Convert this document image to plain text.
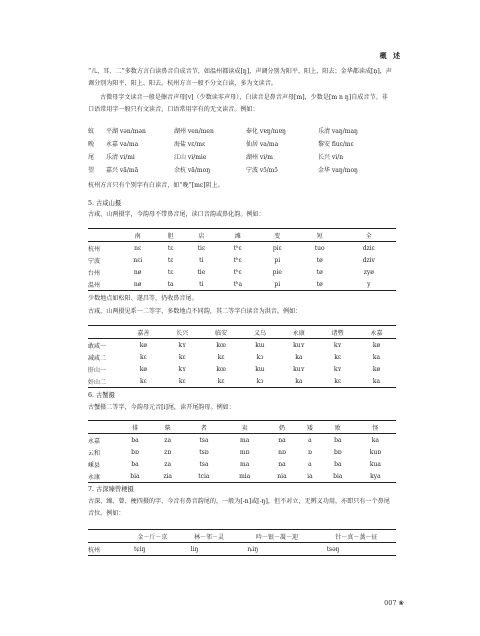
概 述
“儿、耳、二”多数方言白读鼻音自成音节，如温州都读成[ŋ]，声调分别为阳平、阳上、阳去；金华都读成[n̩]，声调分别为阳平、阳上、阳去。杭州方言一般不分文白读，多为文读音。
古微母字文读音一般是擦音声母[v]（少数读零声母），白读音是鼻音声母[m]，少数是[m n ŋ]自成音节。非口语常用字一般只有文读音，口语常用字有的无文读音。例如：
蚊	平湖 vən/mən	湖州 ven/men	奉化 vɐŋ/mɐŋ	乐清 vaŋ/maŋ
晚	永嘉 va/ma	海盐 vɛ/mɛ	仙居 va/ma	黎安 fiuɛ/mɛ
尾	乐清 vi/mi	江山 vi/mie	湖州 vi/m	长兴 vi/n
望	嘉兴 vã/mã	余杭 vã/moŋ	宁波 vɔ̃/mɔ̃	金华 vaŋ/moŋ
杭州方言只有个别字有白读音，如“晚”[mɛ]阴上。
5. 古咸山摄
古咸、山两摄字，今韵母不带鼻音尾，读口音韵或鼻化韵。例如：
	南	胆	店	滩	变	短	全
杭州	nɛ	tɛ	tiɛ	tʰɛ	piɛ	tuo	dziɛ
宁波	nɛi	tɛ	ti	tʰɛ	pi	tø	dziv
台州	nø	tɛ	tie	tʰɛ	pie	tø	zyø
温州	nø	ta	ti	tʰa	pi	tø	y
少数地点如松阳、遂昌等，仍收鼻音尾。
古咸、山两摄见系一二等字，多数地点不同韵，其二等字白读音为洪音。例如：
	嘉善	长兴	临安	义乌	永康	诸暨	永嘉
敢咸一	kø	kʏ	kœ	kɯ	kuʏ	kʏ	kø
减咸二	kɛ	kɛ	kɛ	kɔ	ka	kɛ	ka
肝山一	kø	kʏ	kœ	kɯ	kuʏ	kʏ	kø
奸山二	kɛ	kɛ	kɛ	kɔ	ka	kɛ	ka
6. 古蟹摄
古蟹摄二等字，今韵母元音[i]尾，读开尾韵母。例如：
	排	柴	者	卖	奶	矮	败	怪
永嘉	ba	za	tsa	ma	na	a	ba	ka
云和	bɒ	zɒ	tsɒ	mɒ	nɒ	ɒ	bɒ	kuɒ
嵊县	ba	za	tsa	ma	na	a	ba	kua
永康	bia	zia	tcia	mia	nia	ia	bia	kya
7. 古深臻曾梗摄
古深、臻、曾、梗四摄的字，今音有鼻音韵尾的，一般为[-n]或[-ŋ]，但不对立，无辨义功用，亦即只有一个鼻尾音位。例如：
	金－斤－京	林－邻－灵	吟－银－凝－迎	针－真－蒸－征
杭州	tɕiŋ	liŋ	ȵiŋ	tsəŋ
007 ❀
